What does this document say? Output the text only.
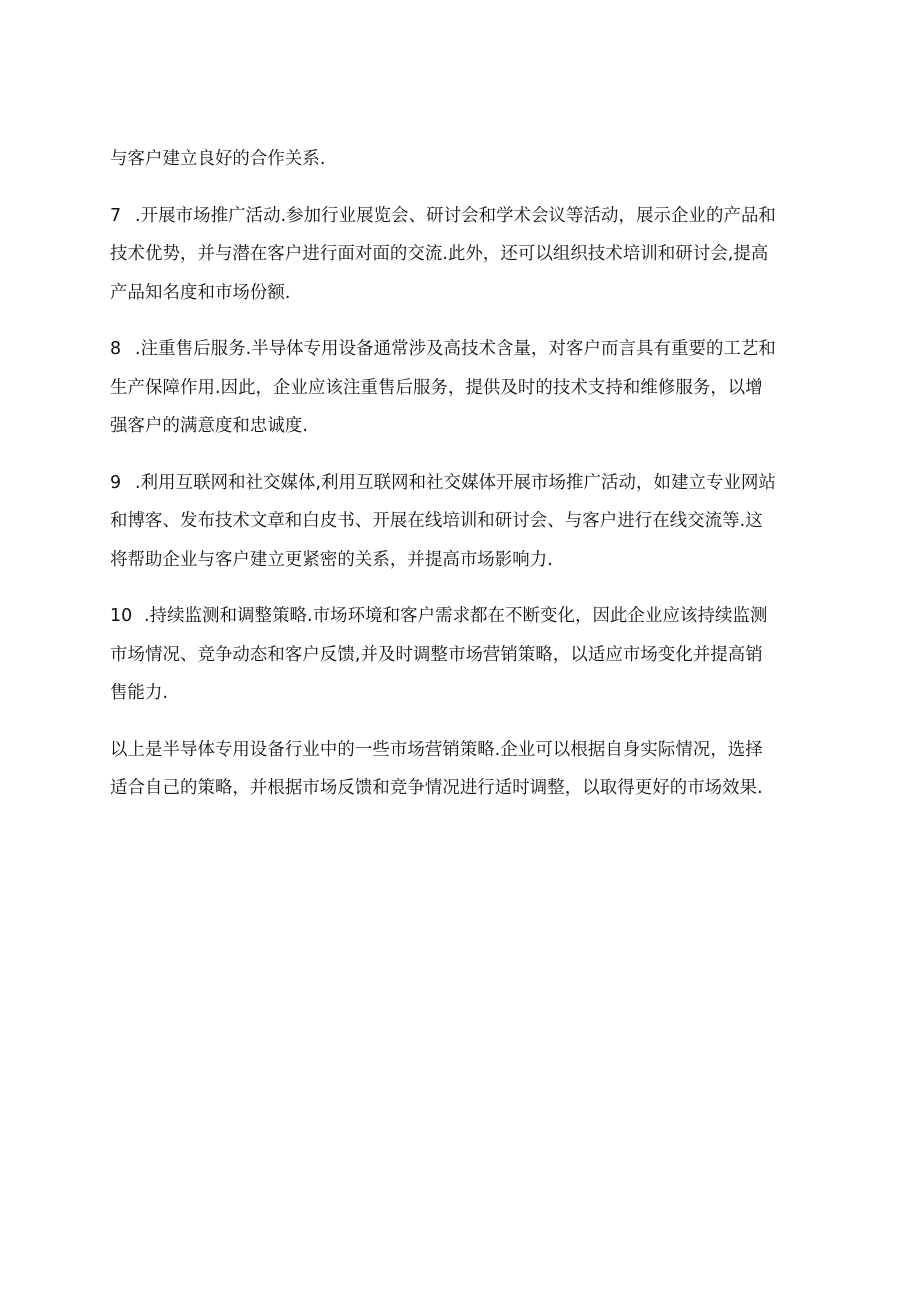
与客户建立良好的合作关系.

7 .开展市场推广活动.参加行业展览会、研讨会和学术会议等活动，展示企业的产品和
技术优势，并与潜在客户进行面对面的交流.此外，还可以组织技术培训和研讨会,提高
产品知名度和市场份额.

8 .注重售后服务.半导体专用设备通常涉及高技术含量，对客户而言具有重要的工艺和
生产保障作用.因此，企业应该注重售后服务，提供及时的技术支持和维修服务，以增
强客户的满意度和忠诚度.

9 .利用互联网和社交媒体,利用互联网和社交媒体开展市场推广活动，如建立专业网站
和博客、发布技术文章和白皮书、开展在线培训和研讨会、与客户进行在线交流等.这
将帮助企业与客户建立更紧密的关系，并提高市场影响力.

10 .持续监测和调整策略.市场环境和客户需求都在不断变化，因此企业应该持续监测
市场情况、竞争动态和客户反馈,并及时调整市场营销策略，以适应市场变化并提高销
售能力.

以上是半导体专用设备行业中的一些市场营销策略.企业可以根据自身实际情况，选择
适合自己的策略，并根据市场反馈和竞争情况进行适时调整，以取得更好的市场效果.
